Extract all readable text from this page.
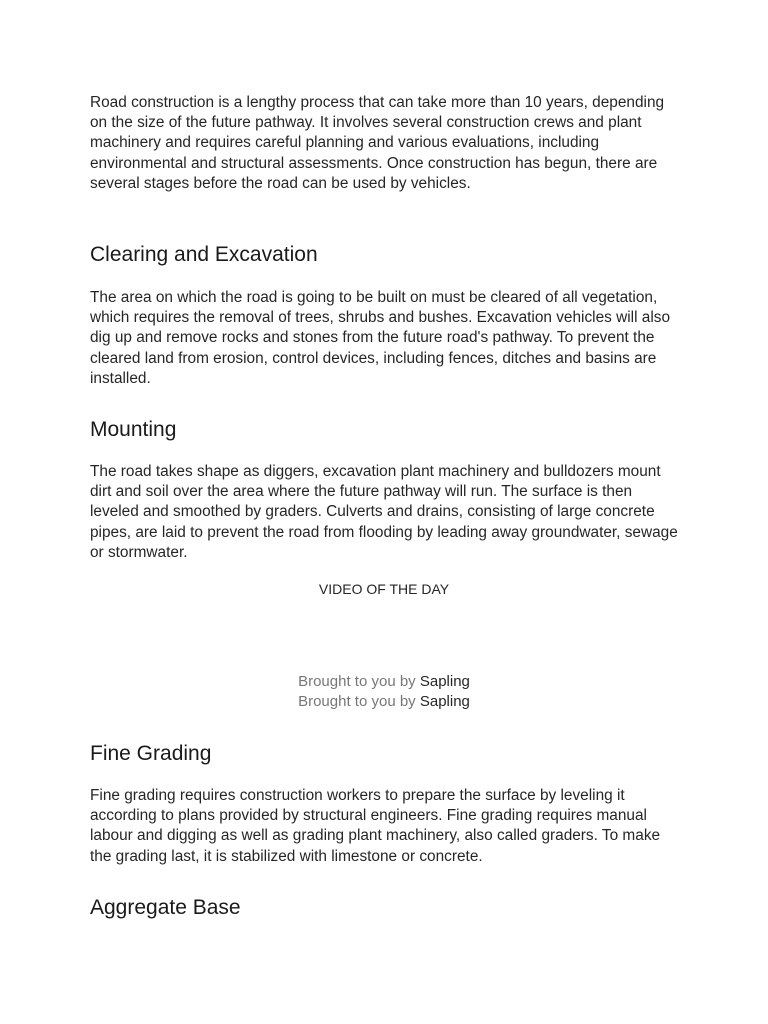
Road construction is a lengthy process that can take more than 10 years, depending on the size of the future pathway. It involves several construction crews and plant machinery and requires careful planning and various evaluations, including environmental and structural assessments. Once construction has begun, there are several stages before the road can be used by vehicles.

Clearing and Excavation

The area on which the road is going to be built on must be cleared of all vegetation, which requires the removal of trees, shrubs and bushes. Excavation vehicles will also dig up and remove rocks and stones from the future road's pathway. To prevent the cleared land from erosion, control devices, including fences, ditches and basins are installed.

Mounting

The road takes shape as diggers, excavation plant machinery and bulldozers mount dirt and soil over the area where the future pathway will run. The surface is then leveled and smoothed by graders. Culverts and drains, consisting of large concrete pipes, are laid to prevent the road from flooding by leading away groundwater, sewage or stormwater.

VIDEO OF THE DAY
Brought to you by Sapling
Brought to you by Sapling
Fine Grading

Fine grading requires construction workers to prepare the surface by leveling it according to plans provided by structural engineers. Fine grading requires manual labour and digging as well as grading plant machinery, also called graders. To make the grading last, it is stabilized with limestone or concrete.

Aggregate Base
